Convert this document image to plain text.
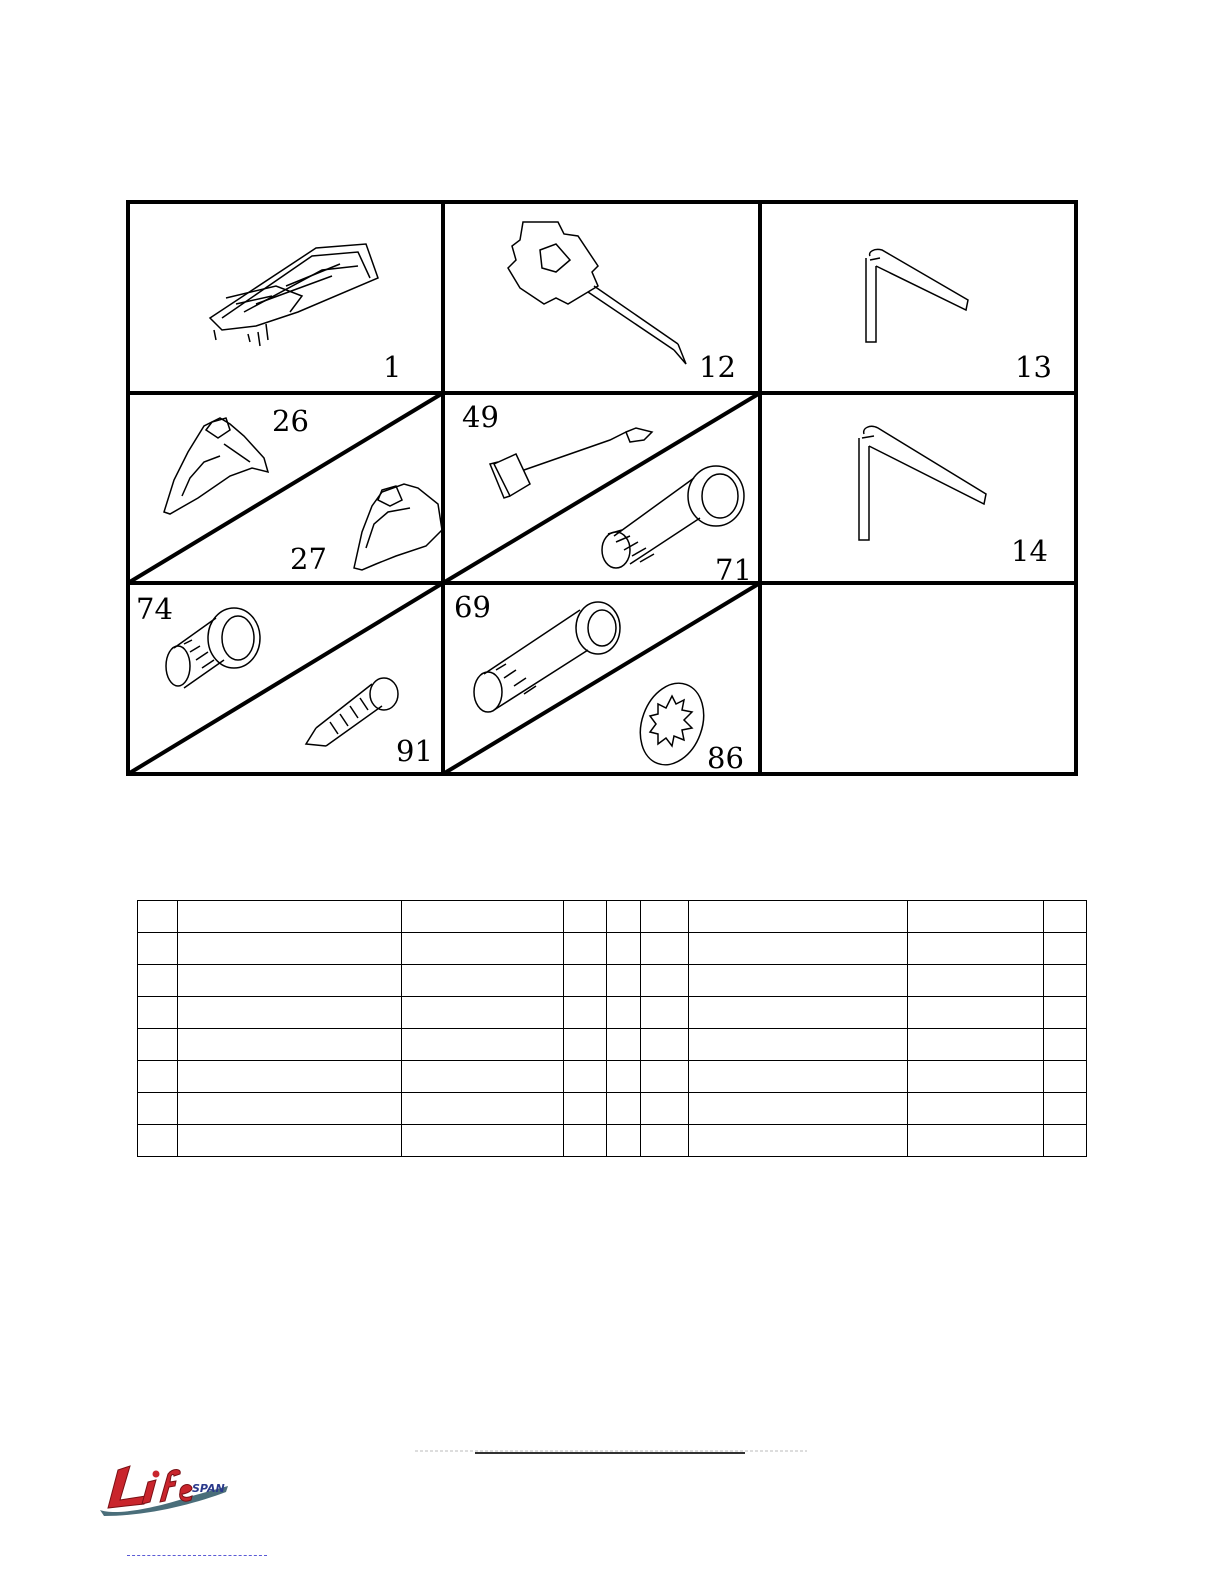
1	12	13
26
27
49
71
14
74
91
69
86

SPAN
